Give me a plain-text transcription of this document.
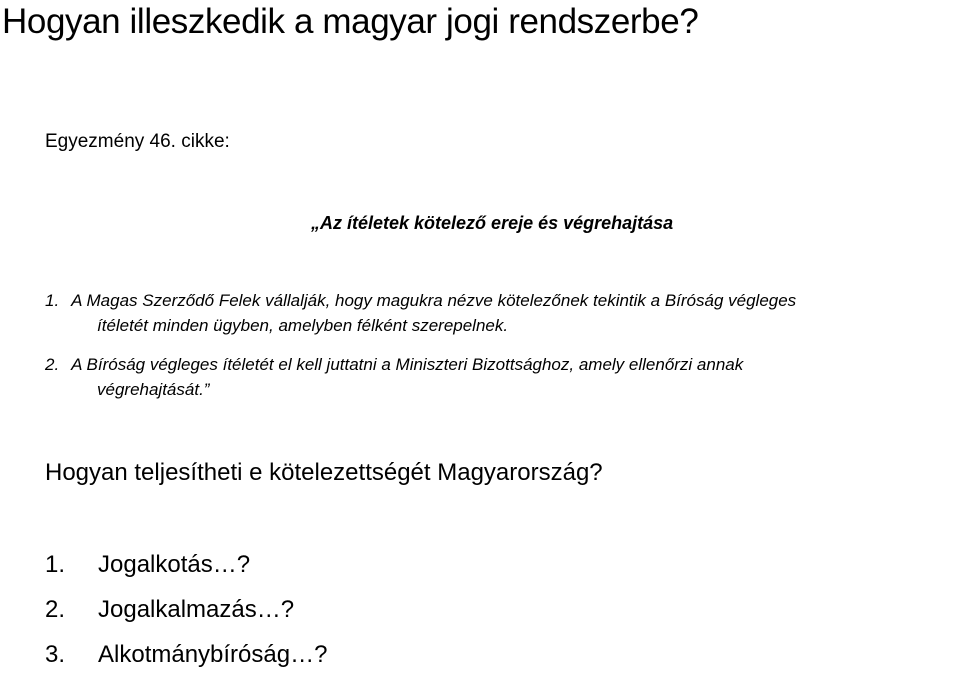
Hogyan illeszkedik a magyar jogi rendszerbe?
Egyezmény 46. cikke:
„Az ítéletek kötelező ereje és végrehajtása
1. A Magas Szerződő Felek vállalják, hogy magukra nézve kötelezőnek tekintik a Bíróság végleges
ítéletét minden ügyben, amelyben félként szerepelnek.
2. A Bíróság végleges ítéletét el kell juttatni a Miniszteri Bizottsághoz, amely ellenőrzi annak
végrehajtását.”
Hogyan teljesítheti e kötelezettségét Magyarország?
1. Jogalkotás…?
2. Jogalkalmazás…?
3. Alkotmánybíróság…?
